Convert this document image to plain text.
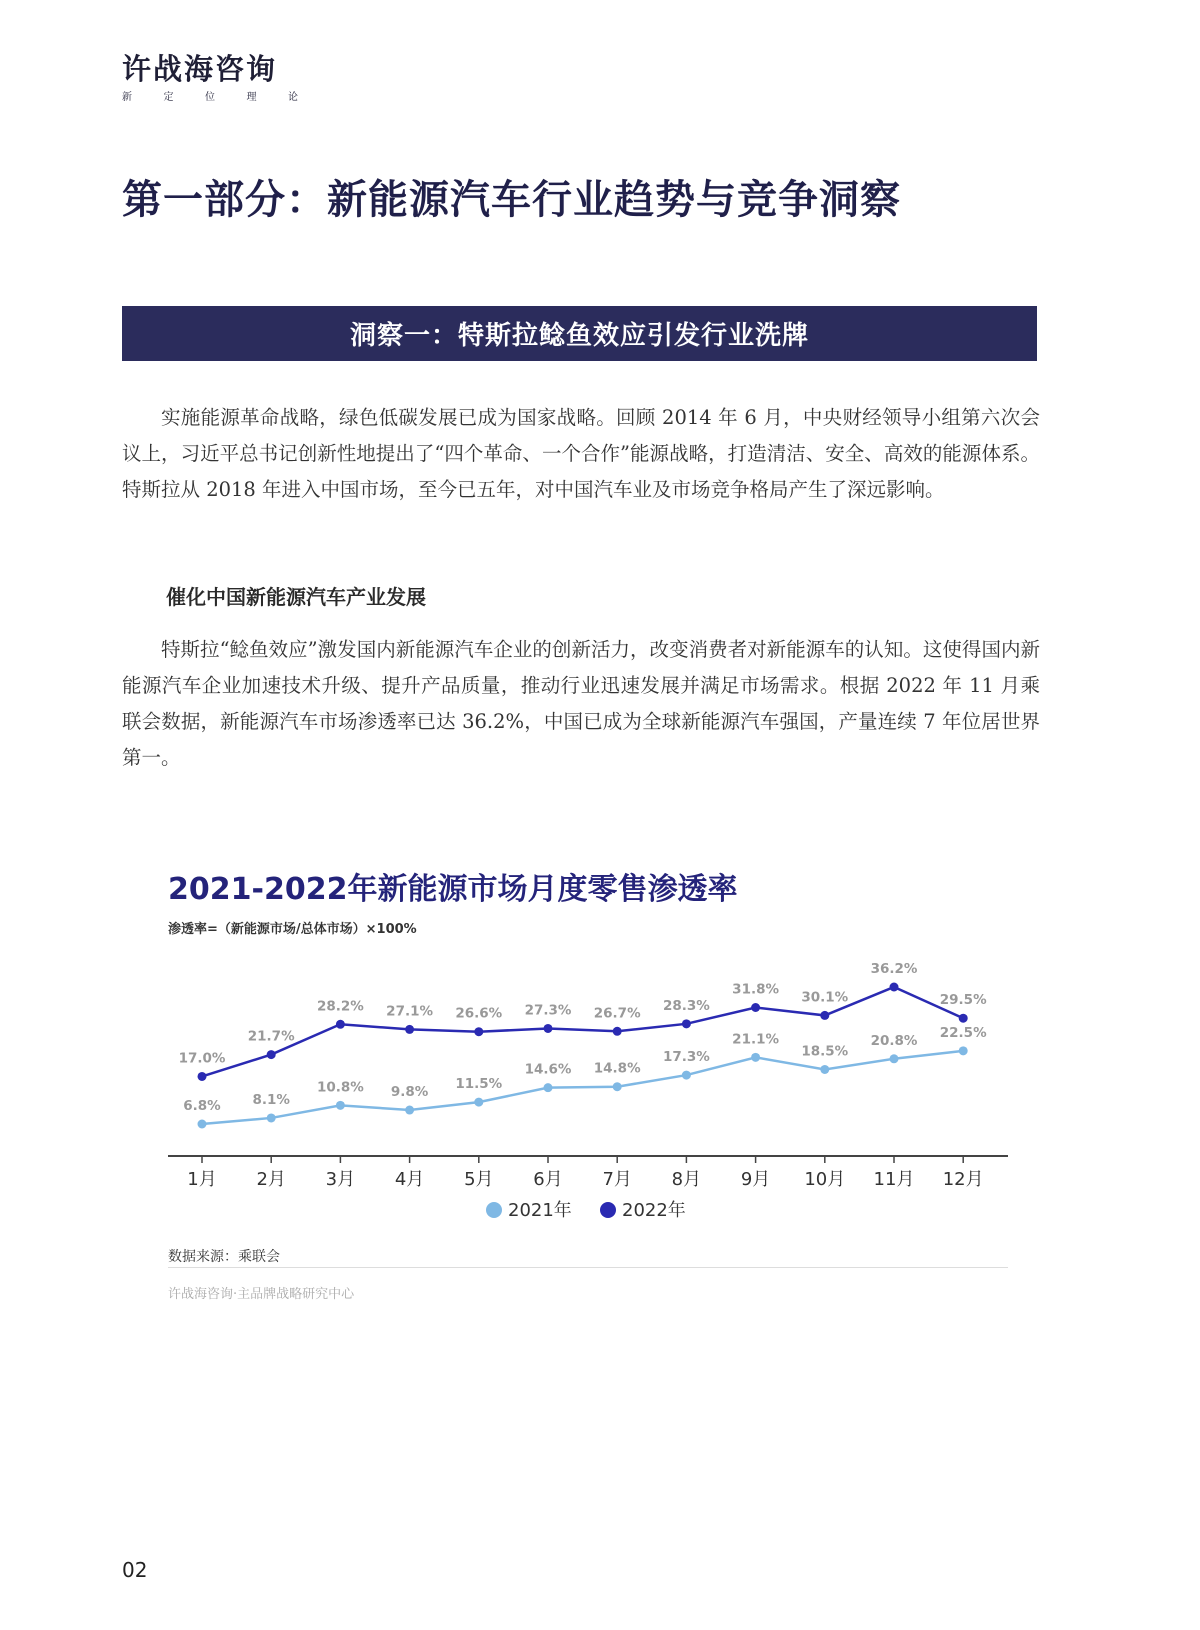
许战海咨询
新	定	位	理	论
第一部分：新能源汽车行业趋势与竞争洞察
洞察一：特斯拉鲶鱼效应引发行业洗牌

实施能源革命战略，绿色低碳发展已成为国家战略。回顾 2014 年 6 月，中央财经领导小组第六次会议上，习近平总书记创新性地提出了“四个革命、一个合作”能源战略，打造清洁、安全、高效的能源体系。特斯拉从 2018 年进入中国市场，至今已五年，对中国汽车业及市场竞争格局产生了深远影响。

催化中国新能源汽车产业发展

特斯拉“鲶鱼效应”激发国内新能源汽车企业的创新活力，改变消费者对新能源车的认知。这使得国内新能源汽车企业加速技术升级、提升产品质量，推动行业迅速发展并满足市场需求。根据 2022 年 11 月乘联会数据，新能源汽车市场渗透率已达 36.2%，中国已成为全球新能源汽车强国，产量连续 7 年位居世界第一。

2021-2022年新能源市场月度零售渗透率
渗透率=（新能源市场/总体市场）×100%
1月 2月 3月 4月 5月 6月 7月 8月 9月 10月 11月 12月
6.8% 8.1%
10.8% 9.8% 11.5%
14.6% 14.8%
17.3%
21.1%
18.5%
20.8% 22.5%
17.0%
21.7%
28.2% 27.1% 26.6% 27.3% 26.7% 28.3%
31.8% 30.1%
36.2%
29.5%
2021年	2022年
数据来源：乘联会
许战海咨询·主品牌战略研究中心
02
